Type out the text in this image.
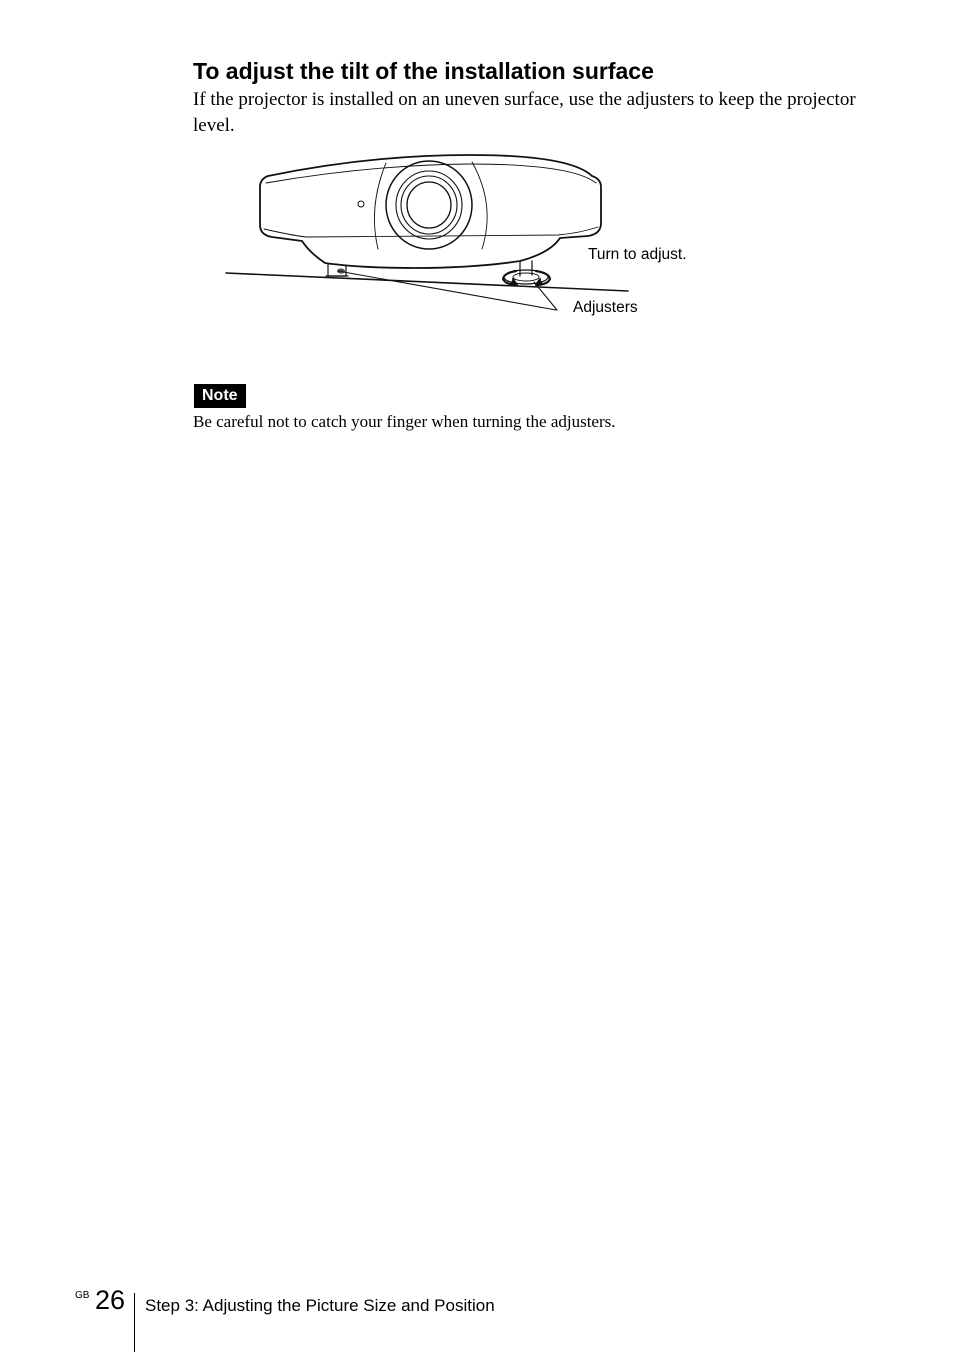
To adjust the tilt of the installation surface

If the projector is installed on an uneven surface, use the adjusters to keep the projector level.

Turn to adjust.
Adjusters
Note

Be careful not to catch your finger when turning the adjusters.

GB 26 Step 3: Adjusting the Picture Size and Position
